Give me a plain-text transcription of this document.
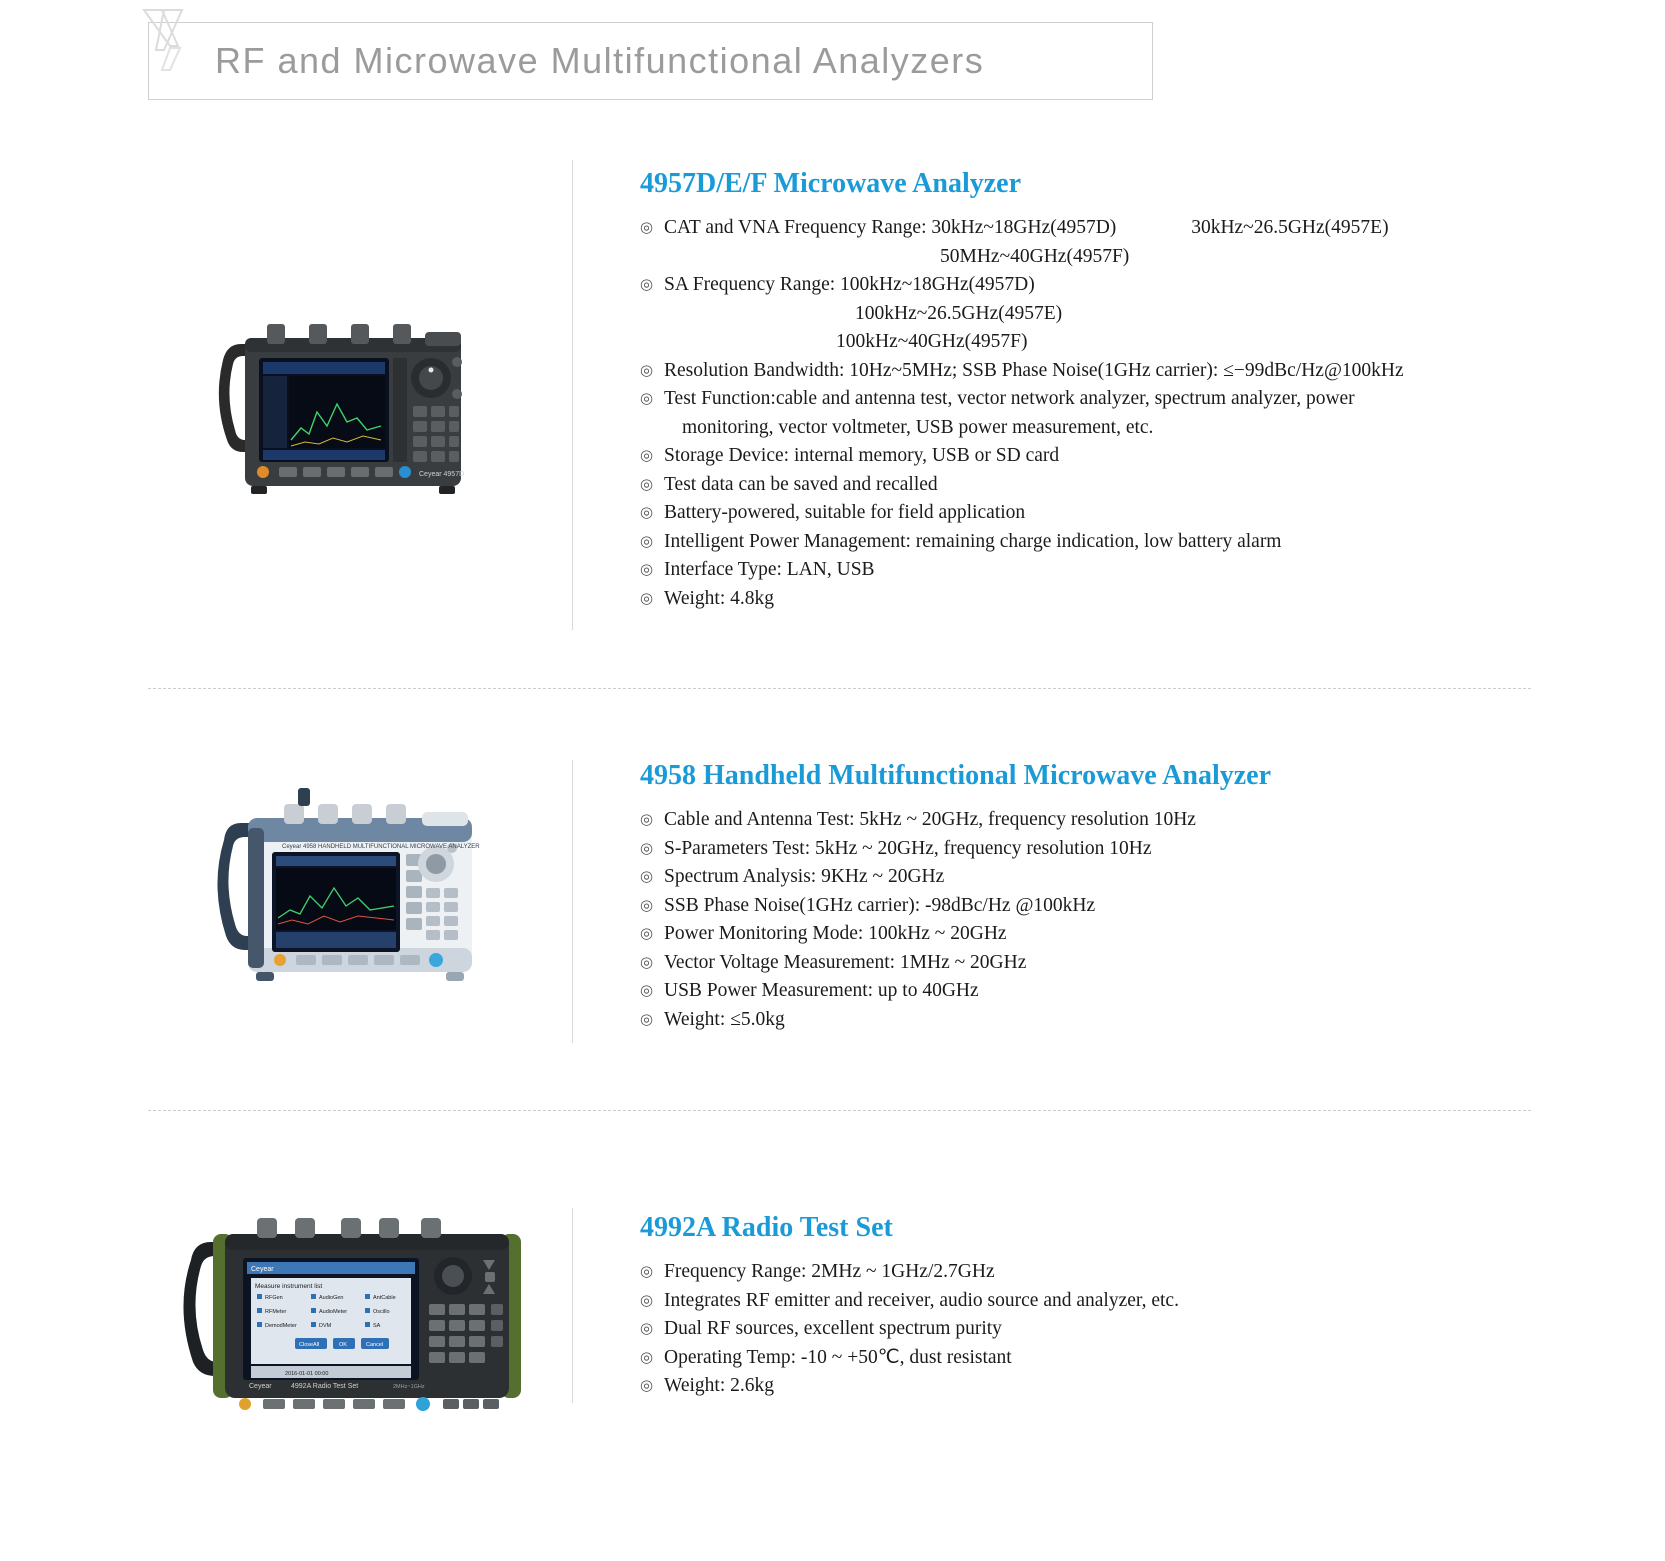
RF and Microwave Multifunctional Analyzers
Ceyear 4957D
4957D/E/F Microwave Analyzer
◎ CAT and VNA Frequency Range: 30kHz~18GHz(4957D)	30kHz~26.5GHz(4957E)
50MHz~40GHz(4957F)
◎ SA Frequency Range: 100kHz~18GHz(4957D)
100kHz~26.5GHz(4957E)
100kHz~40GHz(4957F)
◎ Resolution Bandwidth: 10Hz~5MHz; SSB Phase Noise(1GHz carrier): ≤−99dBc/Hz@100kHz
◎ Test Function:cable and antenna test, vector network analyzer, spectrum analyzer, power
monitoring, vector voltmeter, USB power measurement, etc.
◎ Storage Device: internal memory, USB or SD card
◎ Test data can be saved and recalled
◎ Battery-powered, suitable for field application
◎ Intelligent Power Management: remaining charge indication, low battery alarm
◎ Interface Type: LAN, USB
◎ Weight: 4.8kg
Ceyear 4958 HANDHELD MULTIFUNCTIONAL MICROWAVE ANALYZER
4958 Handheld Multifunctional Microwave Analyzer
◎ Cable and Antenna Test: 5kHz ~ 20GHz, frequency resolution 10Hz
◎ S-Parameters Test: 5kHz ~ 20GHz, frequency resolution 10Hz
◎ Spectrum Analysis: 9KHz ~ 20GHz
◎ SSB Phase Noise(1GHz carrier): -98dBc/Hz @100kHz
◎ Power Monitoring Mode: 100kHz ~ 20GHz
◎ Vector Voltage Measurement: 1MHz ~ 20GHz
◎ USB Power Measurement: up to 40GHz
◎ Weight: ≤5.0kg
Ceyear
Measure instrument list
RFGen	AudioGen	AntCable
RFMeter	AudioMeter	Oscillo
DemodMeter	DVM	SA
CloseAll	OK	Cancel
2016-01-01 00:00
Ceyear	4992A Radio Test Set	2MHz~1GHz
4992A Radio Test Set
◎ Frequency Range: 2MHz ~ 1GHz/2.7GHz
◎ Integrates RF emitter and receiver, audio source and analyzer, etc.
◎ Dual RF sources, excellent spectrum purity
◎ Operating Temp: -10 ~ +50℃, dust resistant
◎ Weight: 2.6kg
